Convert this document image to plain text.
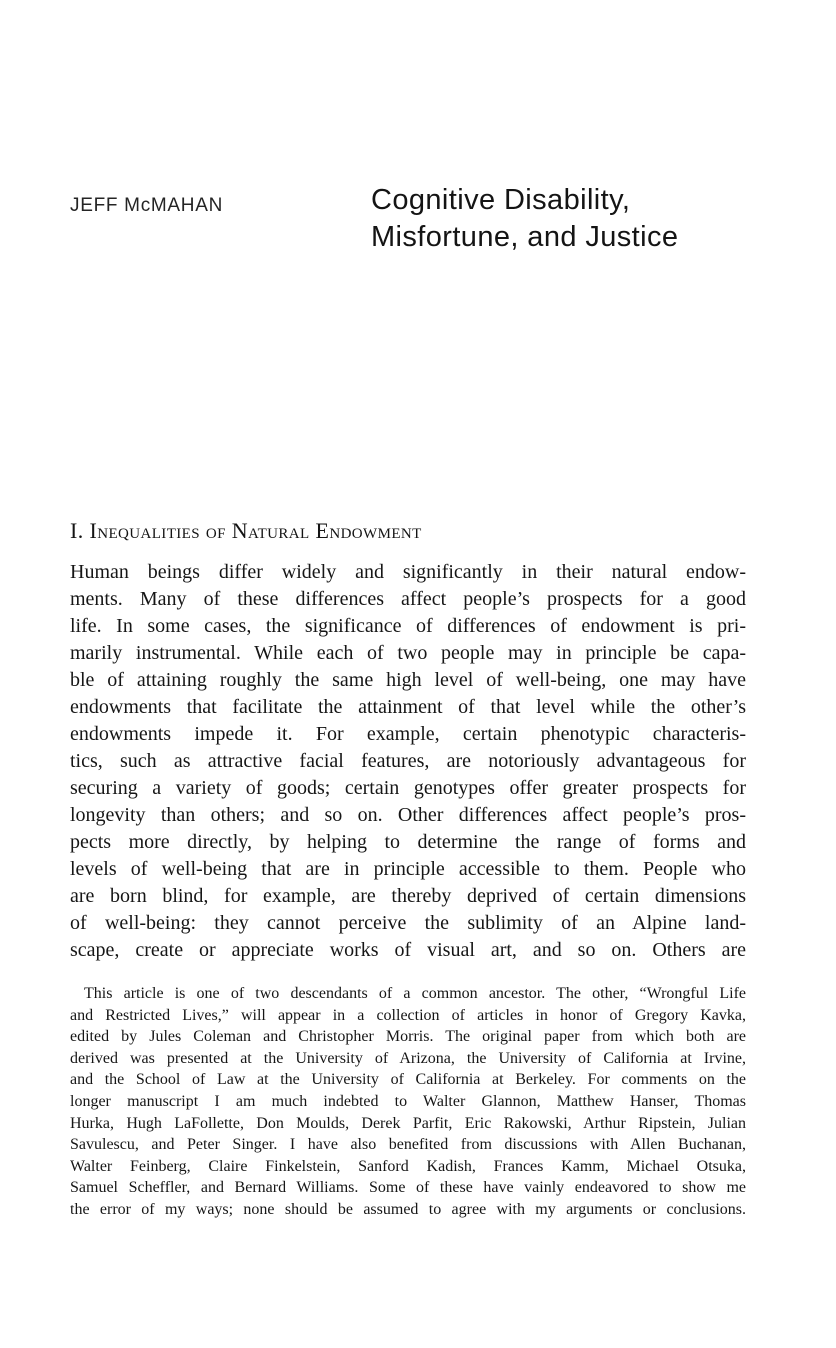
JEFF McMAHAN	Cognitive Disability,
Misfortune, and Justice
I. Inequalities of Natural Endowment
Human beings differ widely and significantly in their natural endow-
ments. Many of these differences affect people’s prospects for a good
life. In some cases, the significance of differences of endowment is pri-
marily instrumental. While each of two people may in principle be capa-
ble of attaining roughly the same high level of well-being, one may have
endowments that facilitate the attainment of that level while the other’s
endowments impede it. For example, certain phenotypic characteris-
tics, such as attractive facial features, are notoriously advantageous for
securing a variety of goods; certain genotypes offer greater prospects for
longevity than others; and so on. Other differences affect people’s pros-
pects more directly, by helping to determine the range of forms and
levels of well-being that are in principle accessible to them. People who
are born blind, for example, are thereby deprived of certain dimensions
of well-being: they cannot perceive the sublimity of an Alpine land-
scape, create or appreciate works of visual art, and so on. Others are
This article is one of two descendants of a common ancestor. The other, “Wrongful Life
and Restricted Lives,” will appear in a collection of articles in honor of Gregory Kavka,
edited by Jules Coleman and Christopher Morris. The original paper from which both are
derived was presented at the University of Arizona, the University of California at Irvine,
and the School of Law at the University of California at Berkeley. For comments on the
longer manuscript I am much indebted to Walter Glannon, Matthew Hanser, Thomas
Hurka, Hugh LaFollette, Don Moulds, Derek Parfit, Eric Rakowski, Arthur Ripstein, Julian
Savulescu, and Peter Singer. I have also benefited from discussions with Allen Buchanan,
Walter Feinberg, Claire Finkelstein, Sanford Kadish, Frances Kamm, Michael Otsuka,
Samuel Scheffler, and Bernard Williams. Some of these have vainly endeavored to show me
the error of my ways; none should be assumed to agree with my arguments or conclusions.
